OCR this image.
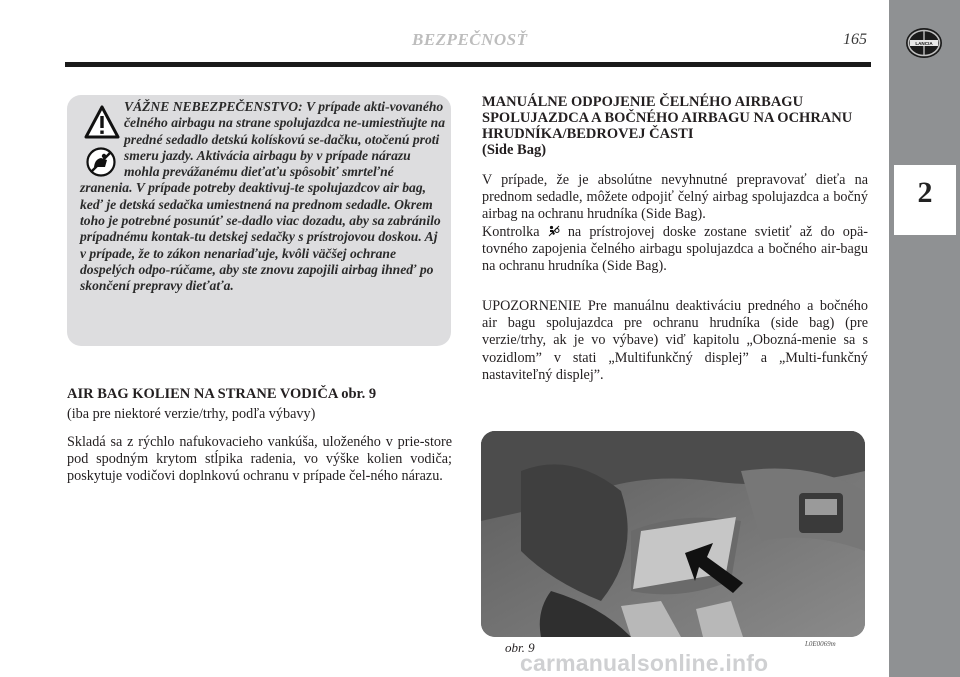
BEZPEČNOSŤ	165	LANCIA
2
VÁŽNE NEBEZPEČENSTVO: V prípade akti-vovaného čelného airbagu na strane spolujazdca ne-umiestňujte na predné sedadlo detskú kolískovú se-dačku, otočenú proti smeru jazdy. Aktivácia airbagu by v prípade nárazu mohla prevážanému dieťaťu spôsobiť smrteľné zranenia. V prípade potreby deaktivuj-te spolujazdcov air bag, keď je detská sedačka umiestnená na prednom sedadle. Okrem toho je potrebné posunúť se-dadlo viac dozadu, aby sa zabránilo prípadnému kontak-tu detskej sedačky s prístrojovou doskou. Aj v prípade, že to zákon nenariaďuje, kvôli väčšej ochrane dospelých odpo-rúčame, aby ste znovu zapojili airbag ihneď po skončení prepravy dieťaťa.
AIR BAG KOLIEN NA STRANE VODIČA obr. 9
(iba pre niektoré verzie/trhy, podľa výbavy)
Skladá sa z rýchlo nafukovacieho vankúša, uloženého v prie-store pod spodným krytom stĺpika radenia, vo výške kolien vodiča; poskytuje vodičovi doplnkovú ochranu v prípade čel-ného nárazu.
MANUÁLNE ODPOJENIE ČELNÉHO AIRBAGU SPOLUJAZDCA A BOČNÉHO AIRBAGU NA OCHRANU HRUDNÍKA/BEDROVEJ ČASTI
(Side Bag)
V prípade, že je absolútne nevyhnutné prepravovať dieťa na prednom sedadle, môžete odpojiť čelný airbag spolujazdca a bočný airbag na ochranu hrudníka (Side Bag).
Kontrolka na prístrojovej doske zostane svietiť až do opä-tovného zapojenia čelného airbagu spolujazdca a bočného air-bagu na ochranu hrudníka (Side Bag).
UPOZORNENIE Pre manuálnu deaktiváciu predného a bočného air bagu spolujazdca pre ochranu hrudníka (side bag) (pre verzie/trhy, ak je vo výbave) viď kapitolu „Obozná-menie sa s vozidlom” v stati „Multifunkčný displej” a „Multi-funkčný nastaviteľný displej”.
obr. 9	L0E0069m
carmanualsonline.info
